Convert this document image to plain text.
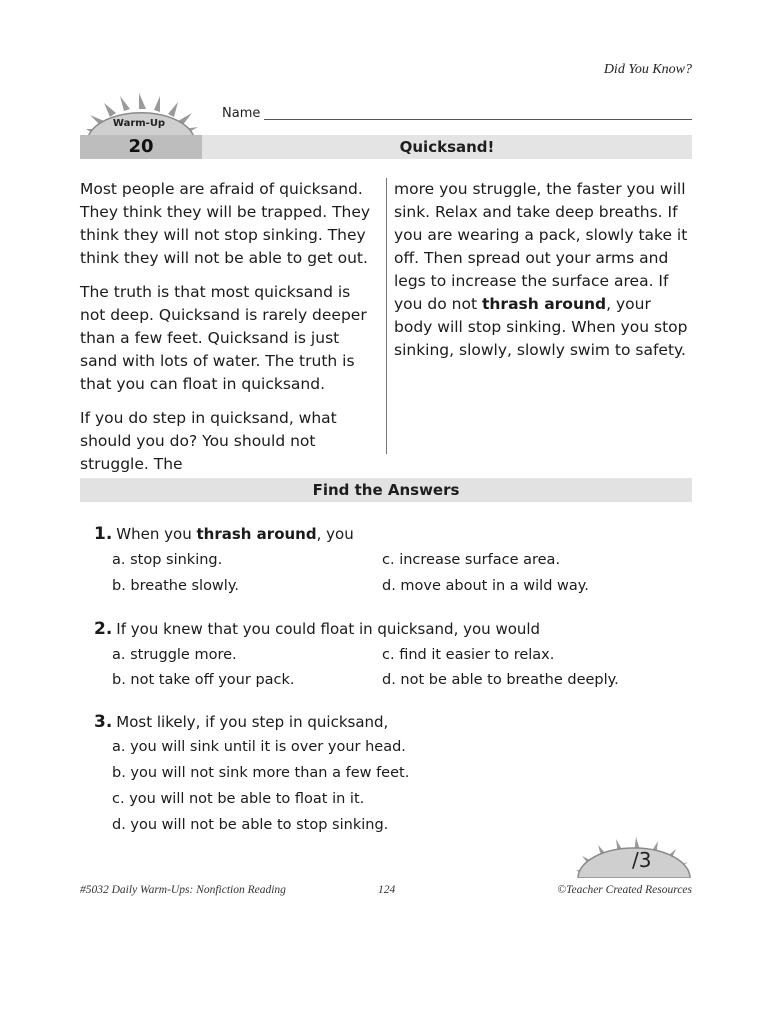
Did You Know?
Warm-Up
Name
20	Quicksand!

Most people are afraid of quicksand. They think they will be trapped. They think they will not stop sinking. They think they will not be able to get out.

The truth is that most quicksand is not deep. Quicksand is rarely deeper than a few feet. Quicksand is just sand with lots of water. The truth is that you can float in quicksand.

If you do step in quicksand, what should you do? You should not struggle. The

more you struggle, the faster you will sink. Relax and take deep breaths. If you are wearing a pack, slowly take it off. Then spread out your arms and legs to increase the surface area. If you do not thrash around, your body will stop sinking. When you stop sinking, slowly, slowly swim to safety.

Find the Answers
1. When you thrash around, you
a. stop sinking.	c. increase surface area.
b. breathe slowly.	d. move about in a wild way.
2. If you knew that you could float in quicksand, you would
a. struggle more.	c. find it easier to relax.
b. not take off your pack.	d. not be able to breathe deeply.
3. Most likely, if you step in quicksand,
a. you will sink until it is over your head.
b. you will not sink more than a few feet.
c. you will not be able to float in it.
d. you will not be able to stop sinking.
/3
#5032 Daily Warm-Ups: Nonfiction Reading	124	©Teacher Created Resources
